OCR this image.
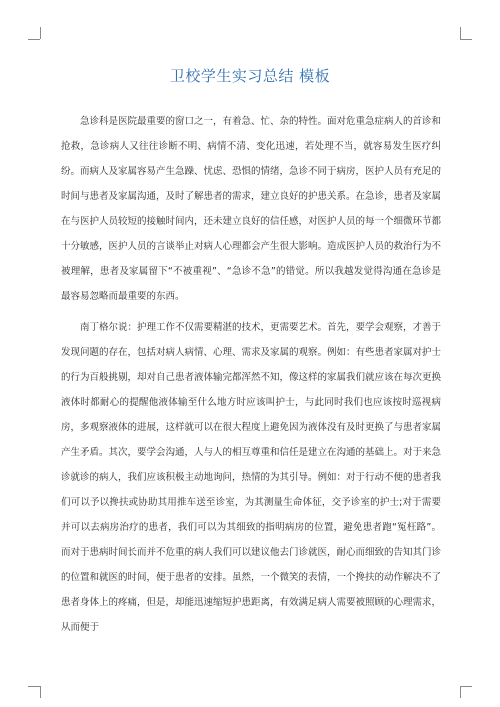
卫校学生实习总结 模板

急诊科是医院最重要的窗口之一，有着急、忙、杂的特性。面对危重急症病人的首诊和抢救，急诊病人又往往诊断不明、病情不清、变化迅速，若处理不当，就容易发生医疗纠纷。而病人及家属容易产生急躁、忧虑、恐惧的情绪，急诊不同于病房，医护人员有充足的时间与患者及家属沟通，及时了解患者的需求，建立良好的护患关系。在急诊，患者及家属在与医护人员较短的接触时间内，还未建立良好的信任感，对医护人员的每一个细微环节都十分敏感，医护人员的言谈举止对病人心理都会产生很大影响。造成医护人员的救治行为不被理解，患者及家属留下“不被重视”、“急诊不急”的错觉。所以我越发觉得沟通在急诊是最容易忽略而最重要的东西。

南丁格尔说：护理工作不仅需要精湛的技术，更需要艺术。首先，要学会观察，才善于发现问题的存在，包括对病人病情、心理、需求及家属的观察。例如：有些患者家属对护士的行为百般挑剔，却对自己患者液体输完都浑然不知，像这样的家属我们就应该在每次更换液体时都耐心的提醒他液体输至什么地方时应该叫护士，与此同时我们也应该按时巡视病房，多观察液体的进展，这样就可以在很大程度上避免因为液体没有及时更换了与患者家属产生矛盾。其次，要学会沟通，人与人的相互尊重和信任是建立在沟通的基础上。对于来急诊就诊的病人，我们应该积极主动地询问，热情的为其引导。例如：对于行动不便的患者我们可以予以搀扶或协助其用推车送至诊室，为其测量生命体征，交予诊室的护士;对于需要并可以去病房治疗的患者，我们可以为其细致的指明病房的位置，避免患者跑“冤枉路”。而对于患病时间长而并不危重的病人我们可以建议他去门诊就医，耐心而细致的告知其门诊的位置和就医的时间，便于患者的安排。虽然，一个微笑的表情，一个搀扶的动作解决不了患者身体上的疼痛，但是，却能迅速缩短护患距离，有效满足病人需要被照顾的心理需求，从而便于
